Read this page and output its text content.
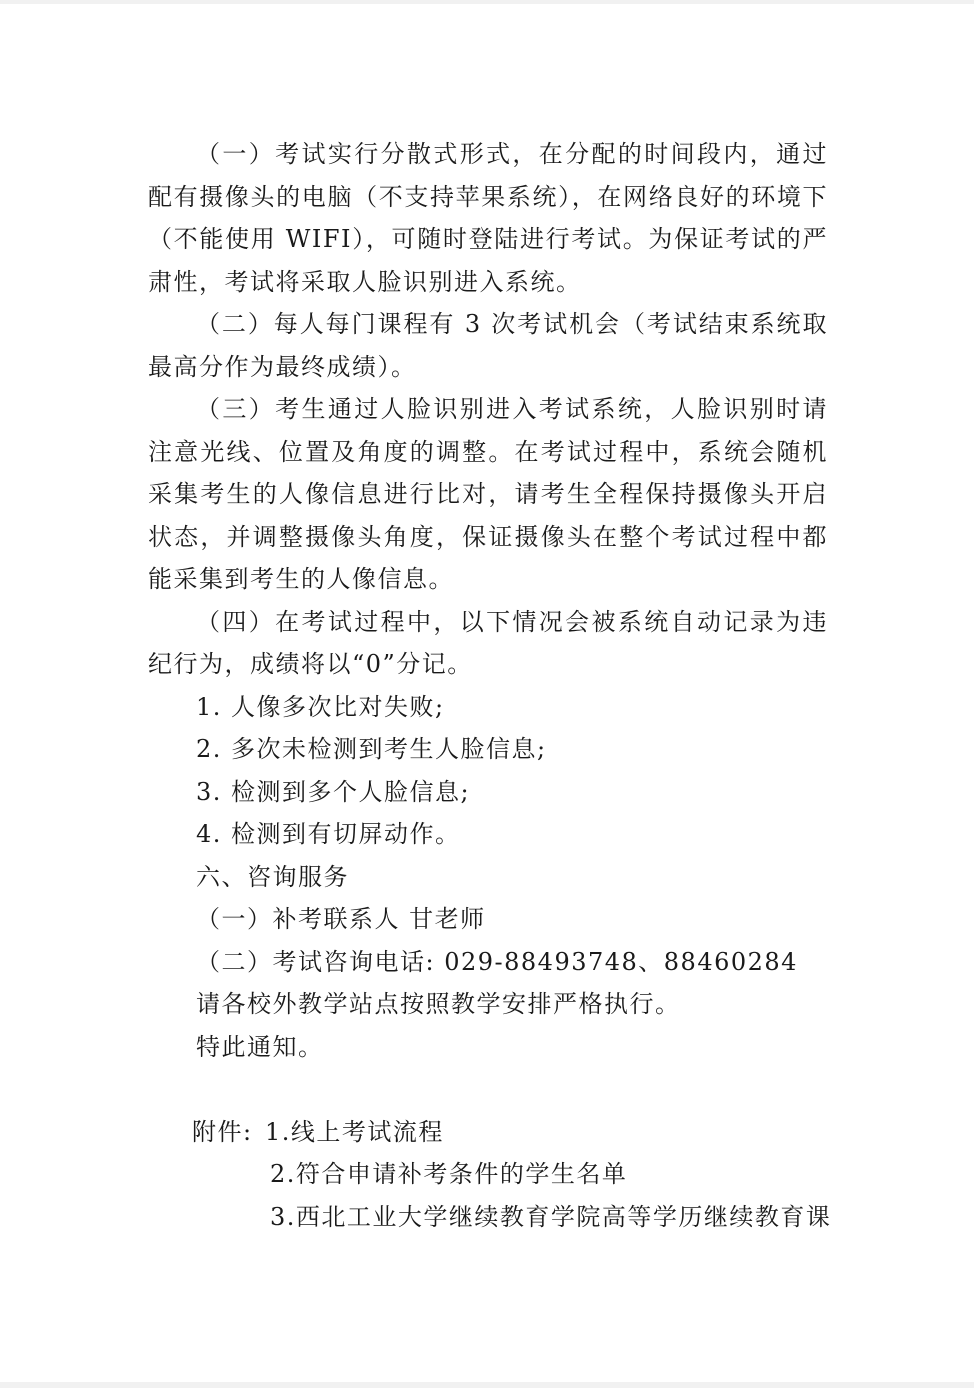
（一）考试实行分散式形式，在分配的时间段内，通过配有摄像头的电脑（不支持苹果系统），在网络良好的环境下（不能使用 WIFI），可随时登陆进行考试。为保证考试的严肃性，考试将采取人脸识别进入系统。

（二）每人每门课程有 3 次考试机会（考试结束系统取最高分作为最终成绩）。

（三）考生通过人脸识别进入考试系统，人脸识别时请注意光线、位置及角度的调整。在考试过程中，系统会随机采集考生的人像信息进行比对，请考生全程保持摄像头开启状态，并调整摄像头角度，保证摄像头在整个考试过程中都能采集到考生的人像信息。

（四）在考试过程中，以下情况会被系统自动记录为违纪行为，成绩将以“0”分记。

1. 人像多次比对失败;

2. 多次未检测到考生人脸信息;

3. 检测到多个人脸信息;

4. 检测到有切屏动作。

六、咨询服务

（一）补考联系人 甘老师

（二）考试咨询电话: 029-88493748、88460284

请各校外教学站点按照教学安排严格执行。

特此通知。

附件: 1.线上考试流程
2.符合申请补考条件的学生名单
3.西北工业大学继续教育学院高等学历继续教育课
